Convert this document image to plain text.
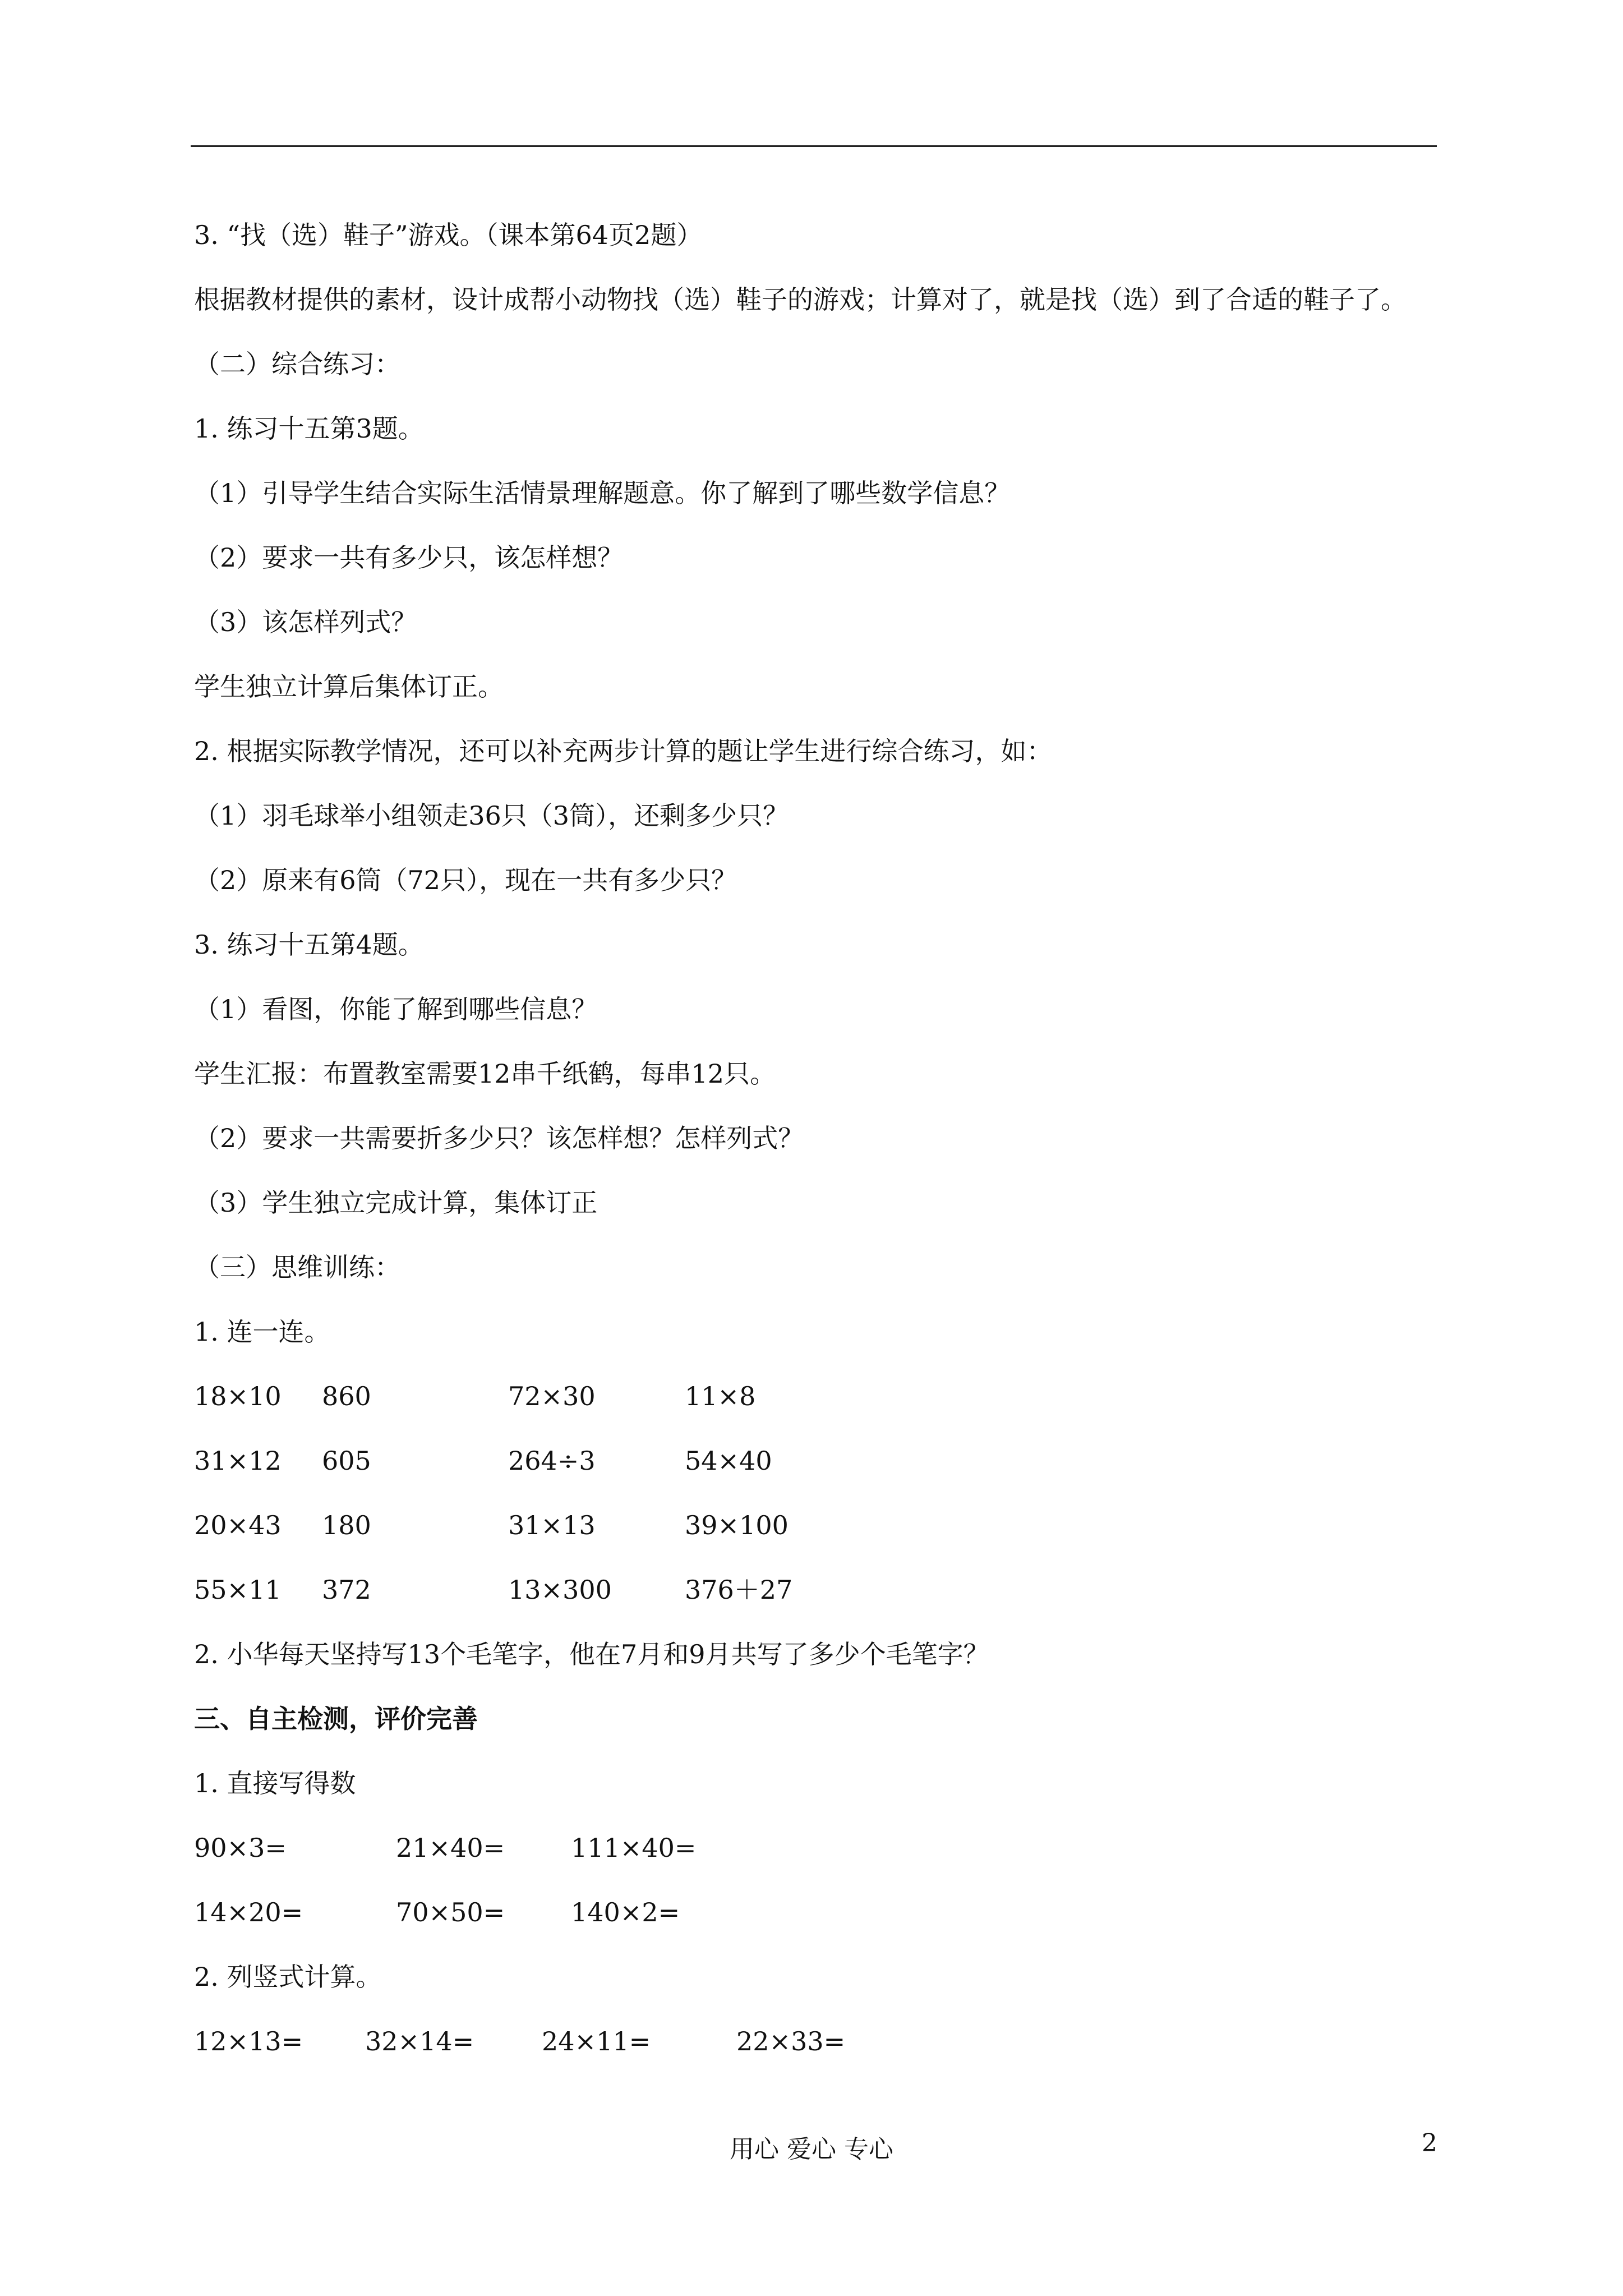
3. “找（选）鞋子”游戏。（课本第64页2题）
根据教材提供的素材，设计成帮小动物找（选）鞋子的游戏；计算对了，就是找（选）到了合适的鞋子了。
（二）综合练习：
1. 练习十五第3题。
（1）引导学生结合实际生活情景理解题意。你了解到了哪些数学信息？
（2）要求一共有多少只，该怎样想？
（3）该怎样列式？
学生独立计算后集体订正。
2. 根据实际教学情况，还可以补充两步计算的题让学生进行综合练习，如：
（1）羽毛球举小组领走36只（3筒），还剩多少只？
（2）原来有6筒（72只），现在一共有多少只？
3. 练习十五第4题。
（1）看图，你能了解到哪些信息？
学生汇报：布置教室需要12串千纸鹤，每串12只。
（2）要求一共需要折多少只？该怎样想？怎样列式？
（3）学生独立完成计算，集体订正
（三）思维训练：
1. 连一连。
18×10 860	72×30	11×8
31×12 605	264÷3	54×40
20×43 180	31×13	39×100
55×11 372	13×300	376＋27
2. 小华每天坚持写13个毛笔字，他在7月和9月共写了多少个毛笔字？
三、自主检测，评价完善
1. 直接写得数
90×3=	21×40=	111×40=
14×20=	70×50=	140×2=
2. 列竖式计算。
12×13= 32×14=	24×11=	22×33=
用心 爱心 专心	2
